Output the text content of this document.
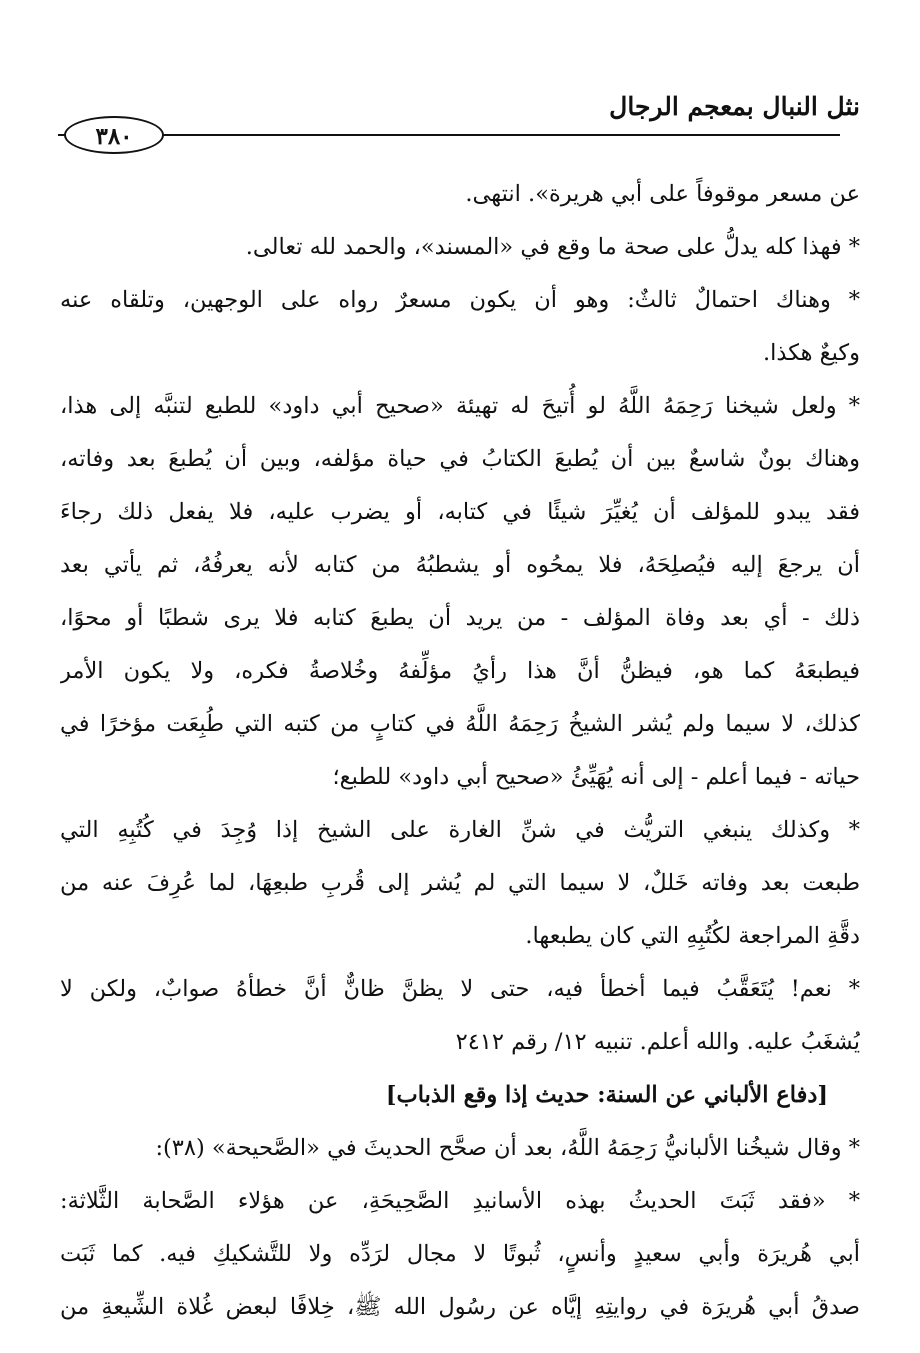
نثل النبال بمعجم الرجال
٣٨٠
عن مسعر موقوفاً على أبي هريرة». انتهى.
* فهذا كله يدلُّ على صحة ما وقع في «المسند»، والحمد لله تعالى.
* وهناك احتمالٌ ثالثٌ: وهو أن يكون مسعرٌ رواه على الوجهين، وتلقاه عنه
وكيعٌ هكذا.
* ولعل شيخنا رَحِمَهُ اللَّهُ لو أُتيحَ له تهيئة «صحيح أبي داود» للطبع لتنبَّه إلى هذا،
وهناك بونٌ شاسعٌ بين أن يُطبعَ الكتابُ في حياة مؤلفه، وبين أن يُطبعَ بعد وفاته،
فقد يبدو للمؤلف أن يُغيِّرَ شيئًا في كتابه، أو يضرب عليه، فلا يفعل ذلك رجاءَ
أن يرجعَ إليه فيُصلِحَهُ، فلا يمحُوه أو يشطبُهُ من كتابه لأنه يعرفُهُ، ثم يأتي بعد
ذلك - أي بعد وفاة المؤلف - من يريد أن يطبعَ كتابه فلا يرى شطبًا أو محوًا،
فيطبعَهُ كما هو، فيظنُّ أنَّ هذا رأيُ مؤلِّفهُ وخُلاصةُ فكره، ولا يكون الأمر
كذلك، لا سيما ولم يُشر الشيخُ رَحِمَهُ اللَّهُ في كتابٍ من كتبه التي طُبِعَت مؤخرًا في
حياته - فيما أعلم - إلى أنه يُهَيِّئُ «صحيح أبي داود» للطبع؛
* وكذلك ينبغي التريُّث في شنِّ الغارة على الشيخ إذا وُجِدَ في كُتُبِهِ التي
طبعت بعد وفاته خَللٌ، لا سيما التي لم يُشر إلى قُربِ طبعِهَا، لما عُرِفَ عنه من
دقَّةِ المراجعة لكُتُبِهِ التي كان يطبعها.
* نعم! يُتَعَقَّبُ فيما أخطأ فيه، حتى لا يظنَّ ظانٌّ أنَّ خطأهُ صوابٌ، ولكن لا
يُشغَبُ عليه. والله أعلم. تنبيه ١٢/ رقم ٢٤١٢
[دفاع الألباني عن السنة: حديث إذا وقع الذباب]
* وقال شيخُنا الألبانيُّ رَحِمَهُ اللَّهُ، بعد أن صحَّح الحديثَ في «الصَّحيحة» (٣٨):
* «فقد ثَبَتَ الحديثُ بهذه الأسانيدِ الصَّحِيحَةِ، عن هؤلاء الصَّحابة الثَّلاثة:
أبي هُريرَة وأبي سعيدٍ وأنسٍ، ثُبوتًا لا مجال لرَدِّه ولا للتَّشكيكِ فيه. كما ثَبَت
صدقُ أبي هُريرَة في روايتِهِ إيَّاه عن رسُول الله ﷺ، خِلافًا لبعض غُلاة الشِّيعةِ من
